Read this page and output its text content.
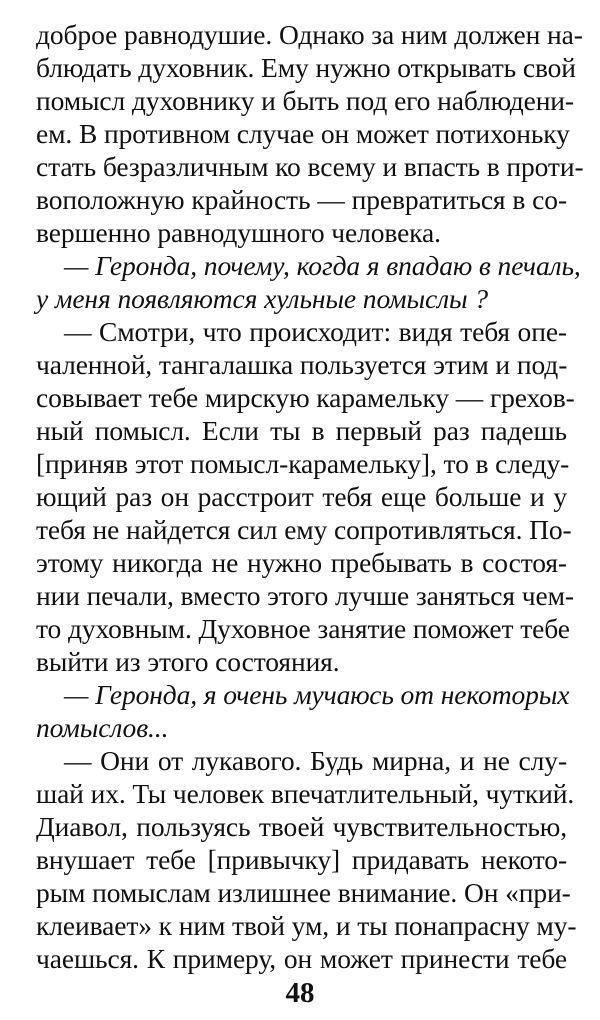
доброе равнодушие. Однако за ним должен на-
блюдать духовник. Ему нужно открывать свой
помысл духовнику и быть под его наблюдени-
ем. В противном случае он может потихоньку
стать безразличным ко всему и впасть в проти-
воположную крайность — превратиться в со-
вершенно равнодушного человека.
— Геронда, почему, когда я впадаю в печаль,
у меня появляются хульные помыслы ?
— Смотри, что происходит: видя тебя опе-
чаленной, тангалашка пользуется этим и под-
совывает тебе мирскую карамельку — грехов-
ный помысл. Если ты в первый раз падешь
[приняв этот помысл-карамельку], то в следу-
ющий раз он расстроит тебя еще больше и у
тебя не найдется сил ему сопротивляться. По-
этому никогда не нужно пребывать в состоя-
нии печали, вместо этого лучше заняться чем-
то духовным. Духовное занятие поможет тебе
выйти из этого состояния.
— Геронда, я очень мучаюсь от некоторых
помыслов...
— Они от лукавого. Будь мирна, и не слу-
шай их. Ты человек впечатлительный, чуткий.
Диавол, пользуясь твоей чувствительностью,
внушает тебе [привычку] придавать некото-
рым помыслам излишнее внимание. Он «при-
клеивает» к ним твой ум, и ты понапрасну му-
чаешься. К примеру, он может принести тебе
48
